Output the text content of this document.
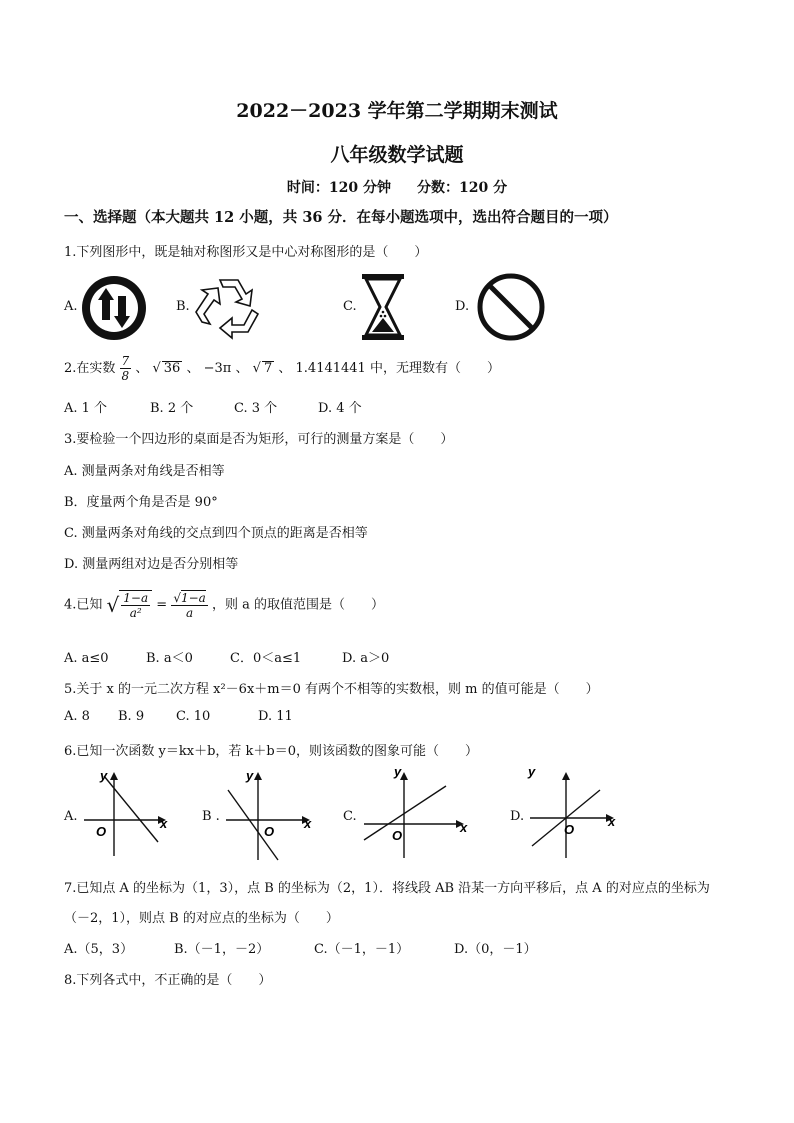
2022－2023 学年第二学期期末测试
八年级数学试题
时间：120 分钟 分数：120 分
一、选择题（本大题共 12 小题，共 36 分．在每小题选项中，选出符合题目的一项）
1.下列图形中，既是轴对称图形又是中心对称图形的是（　　）
A.	B.	C.	D.
2.在实数 $\frac{7}{8}$ 、 √ 36 、 −3π 、 √ 7 、 1.4141441 中，无理数有（　　）
A. 1 个	B. 2 个	C. 3 个	D. 4 个
3.要检验一个四边形的桌面是否为矩形，可行的测量方案是（　　）
A. 测量两条对角线是否相等
B．度量两个角是否是 90°
C. 测量两条对角线的交点到四个顶点的距离是否相等
D. 测量两组对边是否分别相等
4.已知 √ $\frac{1-a}{\text{a²}} = \frac{√1-a}{a}$ ，则 a 的取值范围是（　　）
A. a≤0	B. a＜0	C．0＜a≤1	D. a＞0
5.关于 x 的一元二次方程 x²－6x＋m＝0 有两个不相等的实数根，则 m 的值可能是（　　）
A. 8 B. 9 C. 10	D. 11
6.已知一次函数 y＝kx＋b，若 k＋b＝0，则该函数的图象可能（　　）
A.
y
x
O
B .
y
x
O
C.
y
x
O
D.
y
x
O
7.已知点 A 的坐标为（1，3），点 B 的坐标为（2，1）．将线段 AB 沿某一方向平移后，点 A 的对应点的坐标为
（－2，1），则点 B 的对应点的坐标为（　　）
A.（5，3）	B.（－1，－2）	C.（－1，－1）	D.（0，－1）
8.下列各式中，不正确的是（　　）
